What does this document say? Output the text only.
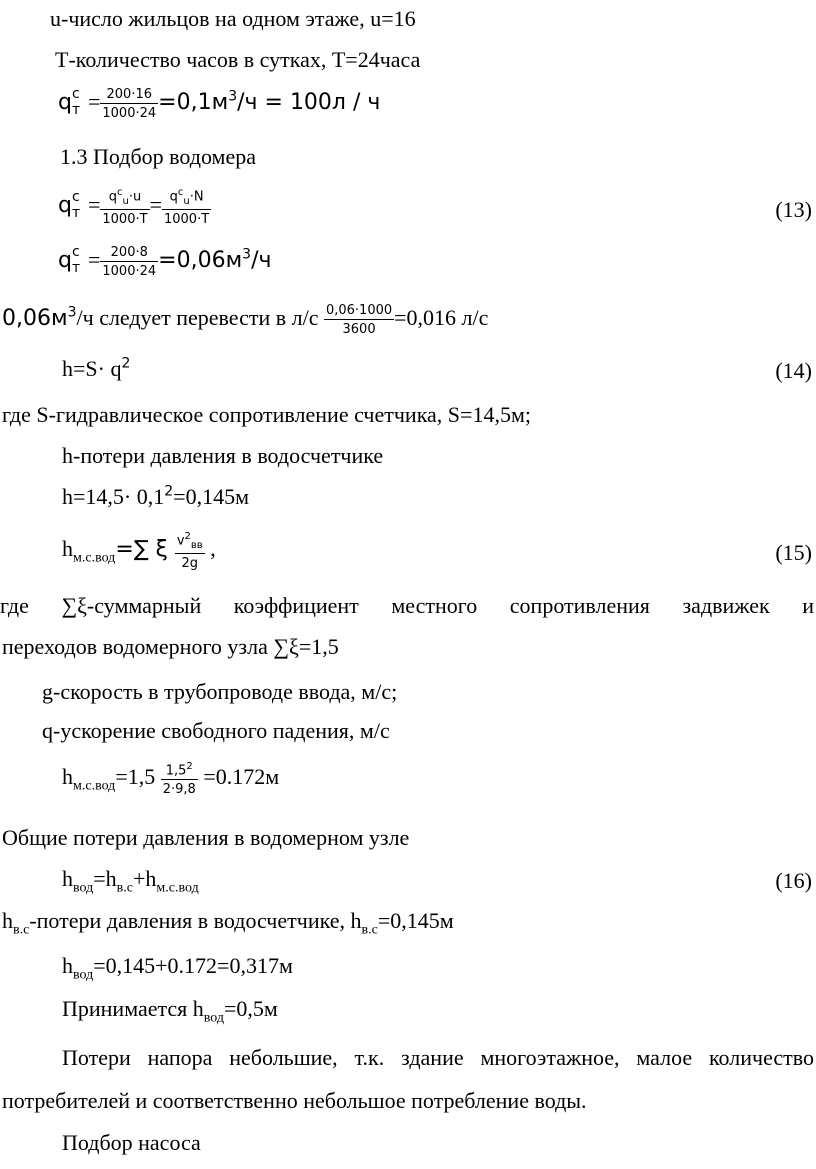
u-число жильцов на одном этаже, u=16
Т-количество часов в сутках, Т=24часа
q с
$т = \frac{200\cdot 16}{1000\cdot 24} =0,1м^3/ч = 100л / ч$
1.3 Подбор водомера
q с
$т = \frac{q^с_u\cdot u}{1000\cdot Т} = \frac{q^с_u\cdot N}{1000\cdot Т}$	(13)
q с
$т = \frac{200\cdot 8}{1000\cdot 24} =0,06м^3/ч$
$0,06м^3/ч$ следует перевести в $л/с \frac{0,06\cdot 1000}{3600} =0,016$ л/с
$h=S\cdot q^2$	(14)
где S-гидравлическое сопротивление счетчика, S=14,5м;
h-потери давления в водосчетчике
$h=14,5\cdot 0,1^2=0,145м$
$h_{м.с.вод}=\sum$ ξ $\frac{v^2_{вв}}{2g}$ ,	(15)
где ∑ξ-суммарный коэффициент местного сопротивления задвижек и
переходов водомерного узла ∑ξ=1,5
g-скорость в трубопроводе ввода, м/с;
q-ускорение свободного падения, м/с
$h_{м.с.вод}=1,5 \frac{1,5^2}{2\cdot 9,8} =0.172м$
Общие потери давления в водомерном узле
$h_{вод}=h_{в.с}+h_{м.с.вод}$	(16)
$h_{в.с}$-потери давления в водосчетчике, $h_{в.с}=0,145м$
$h_{вод}=0,145+0.172=0,317м$
Принимается $h_{вод}=0,5м$
Потери напора небольшие, т.к. здание многоэтажное, малое количество
потребителей и соответственно небольшое потребление воды.
Подбор насоса
